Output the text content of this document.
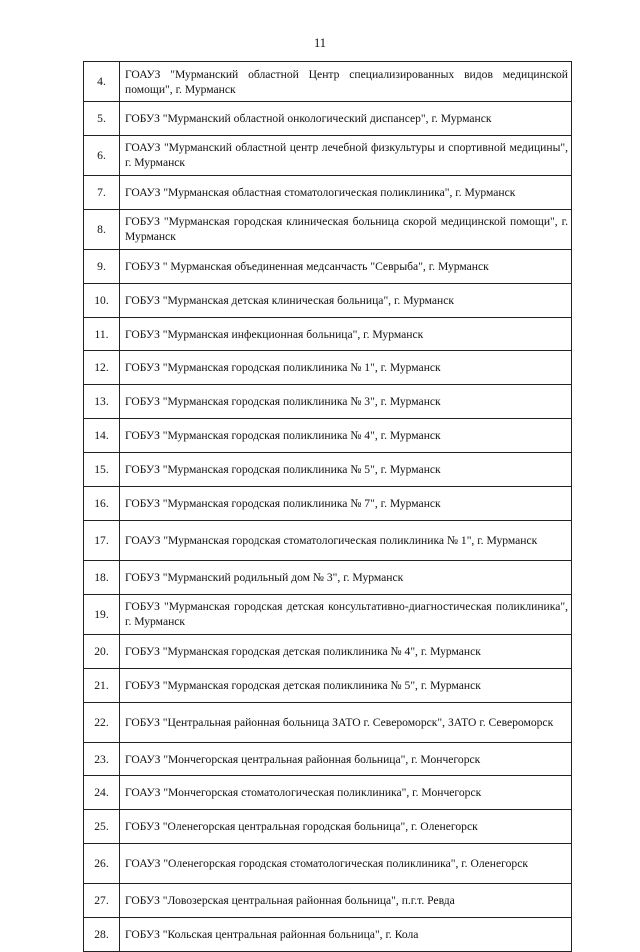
11
4.	ГОАУЗ "Мурманский областной Центр специализированных видов медицинской помощи", г. Мурманск
5.	ГОБУЗ "Мурманский областной онкологический диспансер", г. Мурманск
6.	ГОАУЗ "Мурманский областной центр лечебной физкультуры и спортивной медицины", г. Мурманск
7.	ГОАУЗ "Мурманская областная стоматологическая поликлиника", г. Мурманск
8.	ГОБУЗ "Мурманская городская клиническая больница скорой медицинской помощи", г. Мурманск
9.	ГОБУЗ " Мурманская объединенная медсанчасть "Севрыба", г. Мурманск
10.	ГОБУЗ "Мурманская детская клиническая больница", г. Мурманск
11.	ГОБУЗ "Мурманская инфекционная больница", г. Мурманск
12.	ГОБУЗ "Мурманская городская поликлиника № 1", г. Мурманск
13.	ГОБУЗ "Мурманская городская поликлиника № 3", г. Мурманск
14.	ГОБУЗ "Мурманская городская поликлиника № 4", г. Мурманск
15.	ГОБУЗ "Мурманская городская поликлиника № 5", г. Мурманск
16.	ГОБУЗ "Мурманская городская поликлиника № 7", г. Мурманск
17.	ГОАУЗ "Мурманская городская стоматологическая поликлиника № 1", г. Мурманск
18.	ГОБУЗ "Мурманский родильный дом № 3", г. Мурманск
19.	ГОБУЗ "Мурманская городская детская консультативно-диагностическая поликлиника", г. Мурманск
20.	ГОБУЗ "Мурманская городская детская поликлиника № 4", г. Мурманск
21.	ГОБУЗ "Мурманская городская детская поликлиника № 5", г. Мурманск
22.	ГОБУЗ "Центральная районная больница ЗАТО г. Североморск", ЗАТО г. Североморск
23.	ГОАУЗ "Мончегорская центральная районная больница", г. Мончегорск
24.	ГОАУЗ "Мончегорская стоматологическая поликлиника", г. Мончегорск
25.	ГОБУЗ "Оленегорская центральная городская больница", г. Оленегорск
26.	ГОАУЗ "Оленегорская городская стоматологическая поликлиника", г. Оленегорск
27.	ГОБУЗ "Ловозерская центральная районная больница", п.г.т. Ревда
28.	ГОБУЗ "Кольская центральная районная больница", г. Кола
